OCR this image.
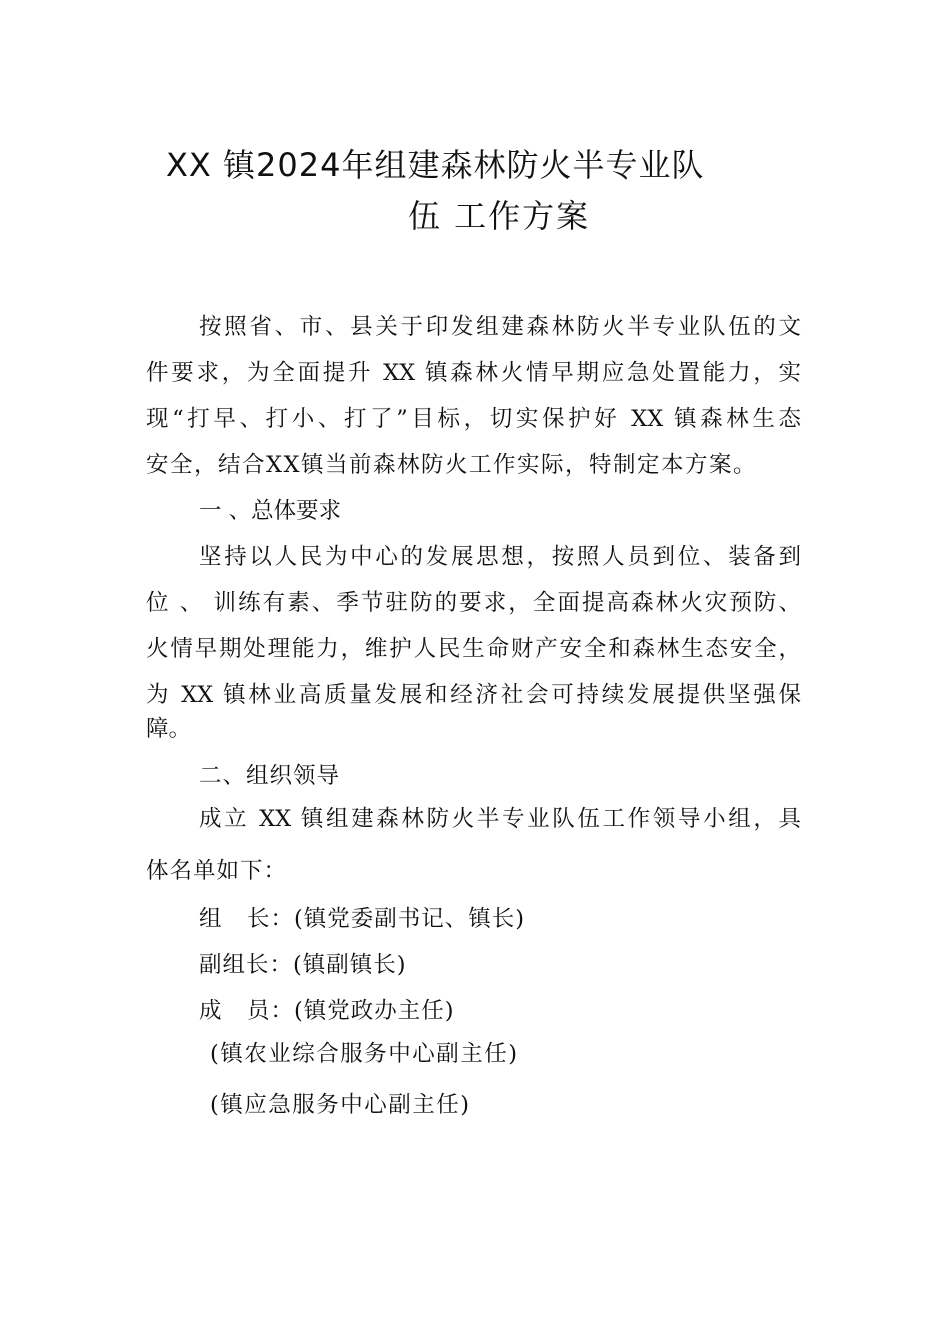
XX 镇2024年组建森林防火半专业队
伍 工作方案
按照省、市、县关于印发组建森林防火半专业队伍的文
件要求，为全面提升 XX 镇森林火情早期应急处置能力，实
现“打早、打小、打了”目标，切实保护好 XX 镇森林生态
安全，结合XX镇当前森林防火工作实际，特制定本方案。
一 、总体要求
坚持以人民为中心的发展思想，按照人员到位、装备到
位 、 训练有素、季节驻防的要求，全面提高森林火灾预防、
火情早期处理能力，维护人民生命财产安全和森林生态安全，
为 XX 镇林业高质量发展和经济社会可持续发展提供坚强保
障。
二、组织领导
成立 XX 镇组建森林防火半专业队伍工作领导小组，具
体名单如下：
组   长：(镇党委副书记、镇长)
副组长：(镇副镇长)
成   员：(镇党政办主任)
(镇农业综合服务中心副主任)
(镇应急服务中心副主任)
